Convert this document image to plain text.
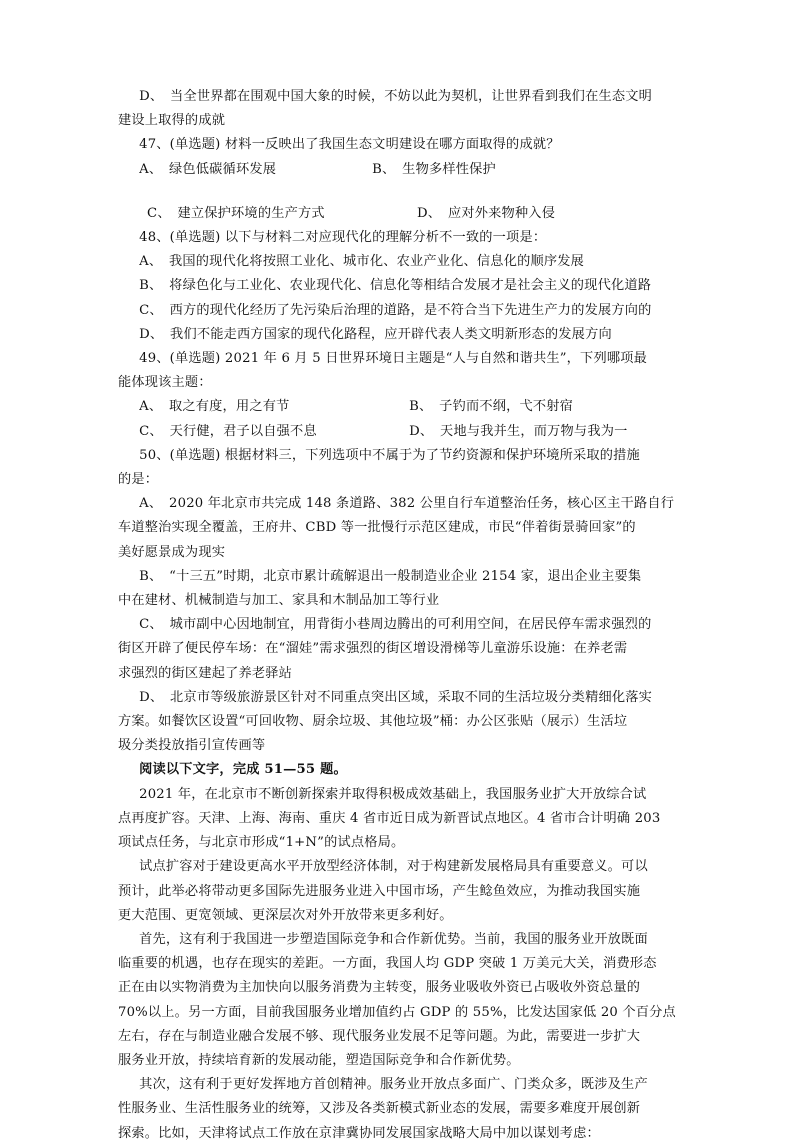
D、　当全世界都在围观中国大象的时候，不妨以此为契机，让世界看到我们在生态文明
建设上取得的成就
47、(单选题) 材料一反映出了我国生态文明建设在哪方面取得的成就？
A、　绿色低碳循环发展	B、　生物多样性保护
C、　建立保护环境的生产方式	D、　应对外来物种入侵
48、(单选题) 以下与材料二对应现代化的理解分析不一致的一项是：
A、　我国的现代化将按照工业化、城市化、农业产业化、信息化的顺序发展
B、　将绿色化与工业化、农业现代化、信息化等相结合发展才是社会主义的现代化道路
C、　西方的现代化经历了先污染后治理的道路，是不符合当下先进生产力的发展方向的
D、　我们不能走西方国家的现代化路程，应开辟代表人类文明新形态的发展方向
49、(单选题) 2021 年 6 月 5 日世界环境日主题是“人与自然和谐共生”，下列哪项最
能体现该主题：
A、　取之有度，用之有节	B、　子钓而不纲，弋不射宿
C、　天行健，君子以自强不息	D、　天地与我并生，而万物与我为一
50、(单选题) 根据材料三，下列选项中不属于为了节约资源和保护环境所采取的措施
的是：
A、　2020 年北京市共完成 148 条道路、382 公里自行车道整治任务，核心区主干路自行
车道整治实现全覆盖，王府井、CBD 等一批慢行示范区建成，市民“伴着街景骑回家”的
美好愿景成为现实
B、　“十三五”时期，北京市累计疏解退出一般制造业企业 2154 家，退出企业主要集
中在建材、机械制造与加工、家具和木制品加工等行业
C、　城市副中心因地制宜，用背街小巷周边腾出的可利用空间，在居民停车需求强烈的
街区开辟了便民停车场：在“溜娃”需求强烈的街区增设滑梯等儿童游乐设施：在养老需
求强烈的街区建起了养老驿站
D、　北京市等级旅游景区针对不同重点突出区域，采取不同的生活垃圾分类精细化落实
方案。如餐饮区设置“可回收物、厨余垃圾、其他垃圾”桶：办公区张贴（展示）生活垃
圾分类投放指引宣传画等
阅读以下文字，完成 51—55 题。
2021 年，在北京市不断创新探索并取得积极成效基础上，我国服务业扩大开放综合试
点再度扩容。天津、上海、海南、重庆 4 省市近日成为新晋试点地区。4 省市合计明确 203
项试点任务，与北京市形成“1+N”的试点格局。
试点扩容对于建设更高水平开放型经济体制，对于构建新发展格局具有重要意义。可以
预计，此举必将带动更多国际先进服务业进入中国市场，产生鲶鱼效应，为推动我国实施
更大范围、更宽领域、更深层次对外开放带来更多利好。
首先，这有利于我国进一步塑造国际竞争和合作新优势。当前，我国的服务业开放既面
临重要的机遇，也存在现实的差距。一方面，我国人均 GDP 突破 1 万美元大关，消费形态
正在由以实物消费为主加快向以服务消费为主转变，服务业吸收外资已占吸收外资总量的
70%以上。另一方面，目前我国服务业增加值约占 GDP 的 55%，比发达国家低 20 个百分点
左右，存在与制造业融合发展不够、现代服务业发展不足等问题。为此，需要进一步扩大
服务业开放，持续培育新的发展动能，塑造国际竞争和合作新优势。
其次，这有利于更好发挥地方首创精神。服务业开放点多面广、门类众多，既涉及生产
性服务业、生活性服务业的统筹，又涉及各类新模式新业态的发展，需要多难度开展创新
探索。比如，天津将试点工作放在京津冀协同发展国家战略大局中加以谋划考虑：
